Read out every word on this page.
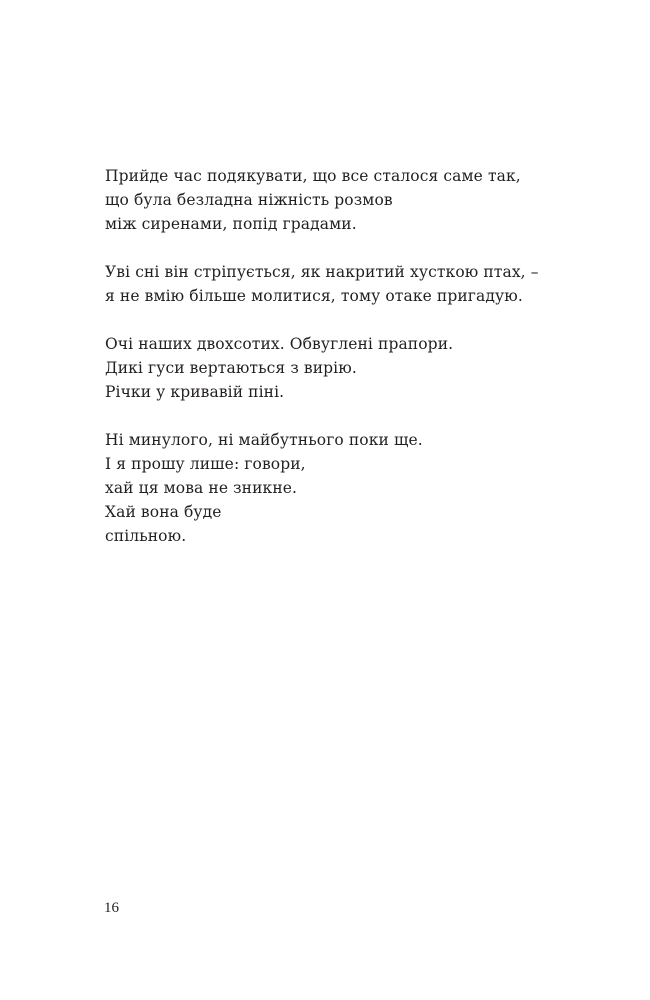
Прийде час подякувати, що все сталося саме так,
що була безладна ніжність розмов
між сиренами, попід градами.
Уві сні він стріпується, як накритий хусткою птах, –
я не вмію більше молитися, тому отаке пригадую.
Очі наших двохсотих. Обвуглені прапори.
Дикі гуси вертаються з вирію.
Річки у кривавій піні.
Ні минулого, ні майбутнього поки ще.
І я прошу лише: говори,
хай ця мова не зникне.
Хай вона буде
спільною.
16
